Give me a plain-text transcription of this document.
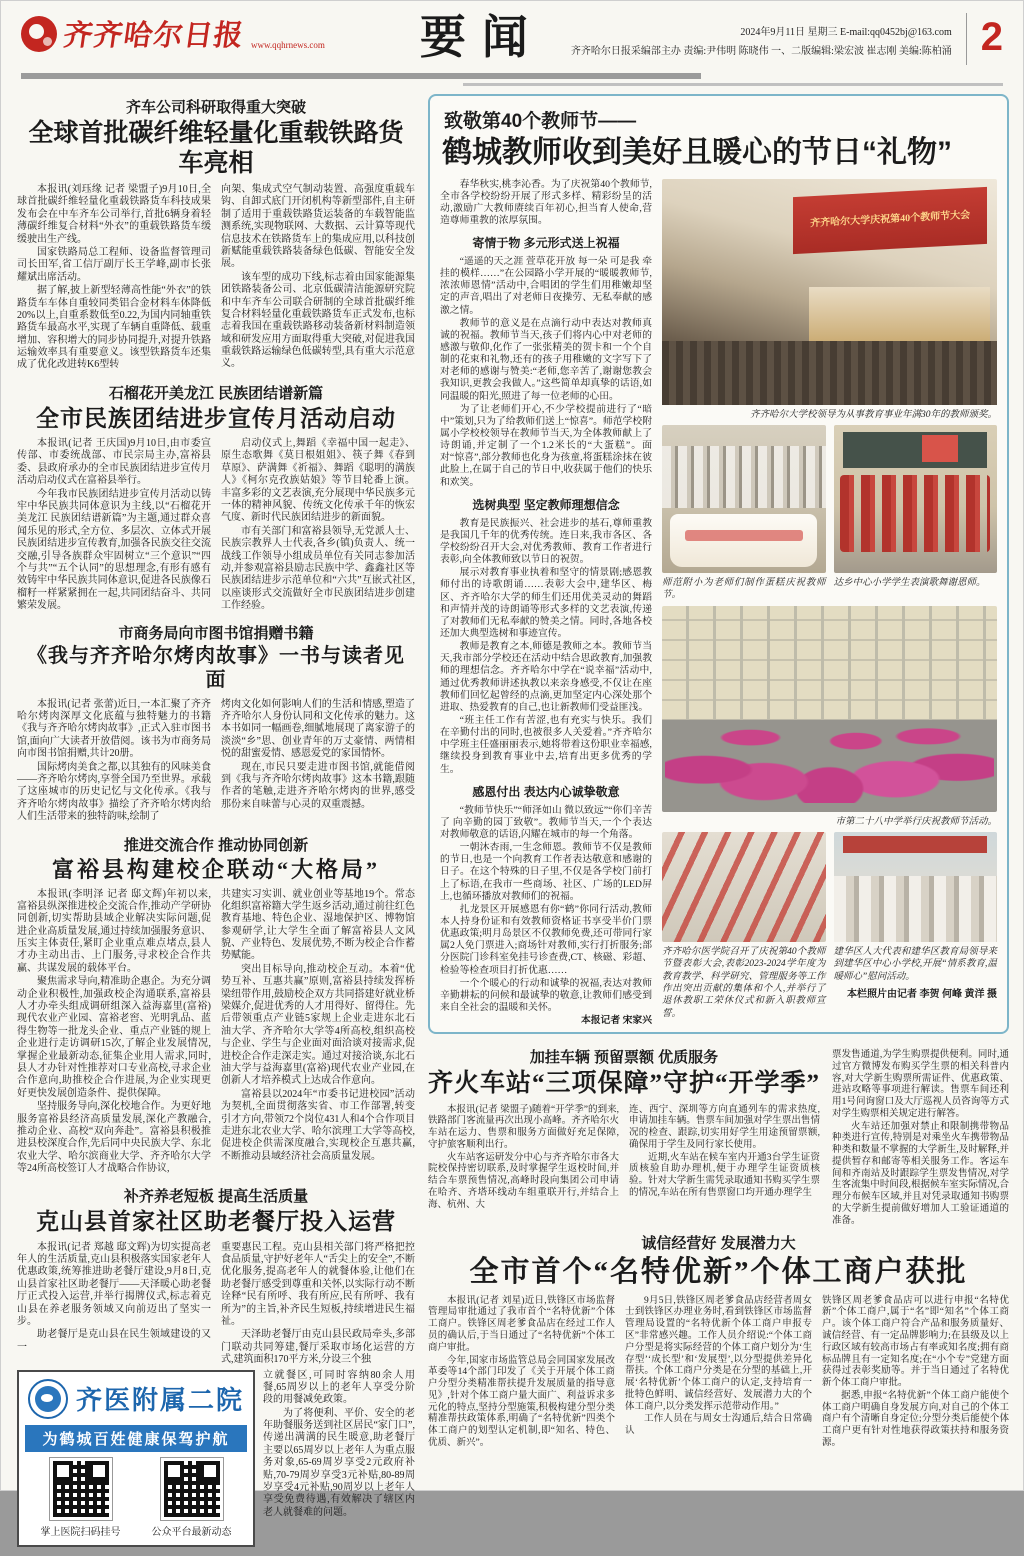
齐齐哈尔日报 www.qqhrnews.com 要闻	2024年9月11日 星期三 E-mail:qq0452bj@163.com
齐齐哈尔日报采编部主办 责编:尹伟明 陈晓伟 一、二版编辑:梁宏波 崔志刚 美编:陈柏涌 2
齐车公司科研取得重大突破
全球首批碳纤维轻量化重载铁路货车亮相

本报讯(刘珏缘 记者 梁盟子)9月10日,全球首批碳纤维轻量化重载铁路货车科技成果发布会在中车齐车公司举行,首批6辆身着轻薄碳纤维复合材料“外衣”的重载铁路货车缓缓驶出生产线。

国家铁路局总工程师、设备监督管理司司长田军,省工信厅副厅长王学峰,副市长张耀斌出席活动。

据了解,披上新型轻薄高性能“外衣”的铁路货车车体自重较同类铝合金材料车体降低20%以上,自重系数低至0.22,为国内同轴重铁路货车最高水平,实现了车辆自重降低、载重增加、容积增大的同步协同提升,对提升铁路运输效率具有重要意义。该型铁路货车还集成了优化改进转K6型转

向架、集成式空气制动装置、高强度重载车钩、自卸式底门开闭机构等新型部件,自主研制了适用于重载铁路货运装备的车载智能监测系统,实现物联网、大数据、云计算等现代信息技术在铁路货车上的集成应用,以科技创新赋能重载铁路装备绿色低碳、智能安全发展。

该车型的成功下线,标志着由国家能源集团铁路装备公司、北京低碳清洁能源研究院和中车齐车公司联合研制的全球首批碳纤维复合材料轻量化重载铁路货车正式发布,也标志着我国在重载铁路移动装备新材料制造领域和研发应用方面取得重大突破,对促进我国重载铁路运输绿色低碳转型,具有重大示范意义。

石榴花开美龙江 民族团结谱新篇
全市民族团结进步宣传月活动启动

本报讯(记者 王庆国)9月10日,由市委宣传部、市委统战部、市民宗局主办,富裕县委、县政府承办的全市民族团结进步宣传月活动启动仪式在富裕县举行。

今年我市民族团结进步宣传月活动以铸牢中华民族共同体意识为主线,以“石榴花开美龙江 民族团结谱新篇”为主题,通过群众喜闻乐见的形式,全方位、多层次、立体式开展民族团结进步宣传教育,加强各民族交往交流交融,引导各族群众牢固树立“三个意识”“四个与共”“五个认同”的思想理念,有形有感有效铸牢中华民族共同体意识,促进各民族像石榴籽一样紧紧拥在一起,共同团结奋斗、共同繁荣发展。

启动仪式上,舞蹈《幸福中国一起走》、原生态歌舞《莫日根姐姐》、筷子舞《春到草原》、萨满舞《祈福》、舞蹈《聪明的满族人》《柯尔克孜族姑娘》等节目轮番上演。丰富多彩的文艺表演,充分展现中华民族多元一体的精神风貌、传统文化传承千年的恢宏气度、新时代民族团结进步的新面貌。

市有关部门和富裕县领导,无党派人士、民族宗教界人士代表,各乡(镇)负责人、统一战线工作领导小组成员单位有关同志参加活动,并参观富裕县励志民族中学、鑫鑫社区等民族团结进步示范单位和“六共”互嵌式社区,以座谈形式交流做好全市民族团结进步创建工作经验。

市商务局向市图书馆捐赠书籍
《我与齐齐哈尔烤肉故事》一书与读者见面

本报讯(记者 张蕾)近日,一本汇聚了齐齐哈尔烤肉深厚文化底蕴与独特魅力的书籍《我与齐齐哈尔烤肉故事》,正式入驻市图书馆,面向广大读者开放借阅。该书为市商务局向市图书馆捐赠,共计20册。

国际烤肉美食之都,以其独有的风味美食——齐齐哈尔烤肉,享誉全国乃至世界。承载了这座城市的历史记忆与文化传承。《我与齐齐哈尔烤肉故事》描绘了齐齐哈尔烤肉给人们生活带来的独特韵味,绘制了

烤肉文化如何影响人们的生活和情感,塑造了齐齐哈尔人身份认同和文化传承的魅力。这本书如同一幅画卷,细腻地展现了离家游子的淡淡“乡”思、创业青年的万丈豪情、两情相悦的甜蜜爱情、感恩爱党的家国情怀。

现在,市民只要走进市图书馆,就能借阅到《我与齐齐哈尔烤肉故事》这本书籍,跟随作者的笔触,走进齐齐哈尔烤肉的世界,感受那份来自味蕾与心灵的双重震撼。

推进交流合作 推动协同创新
富裕县构建校企联动“大格局”

本报讯(李明泽 记者 邸文辉)年初以来,富裕县纵深推进校企交流合作,推动产学研协同创新,切实帮助县域企业解决实际问题,促进企业高质量发展,通过持续加强服务意识、压实主体责任,紧盯企业重点难点堵点,县人才办主动出击、上门服务,寻求校企合作共赢、共谋发展的载体平台。

聚焦需求导向,精准助企惠企。为充分调动企业积极性,加强政校企沟通联系,富裕县人才办牵头组成调研组深入益海嘉里(富裕)现代农业产业园、富裕老窖、光明乳品、蓝得生物等一批龙头企业、重点产业链的规上企业进行走访调研15次,了解企业发展情况,掌握企业最新动态,征集企业用人需求,同时,县人才办针对性推荐对口专业高校,寻求企业合作意向,助推校企合作进展,为企业实现更好更快发展创造条件、提供保障。

坚持服务导向,深化校地合作。为更好地服务富裕县经济高质量发展,深化产教融合,推动企业、高校“双向奔赴”。富裕县积极推进县校深度合作,先后同中央民族大学、东北农业大学、哈尔滨商业大学、齐齐哈尔大学等24所高校签订人才战略合作协议,

共建实习实训、就业创业等基地19个。常态化组织富裕籍大学生返乡活动,通过前往红色教育基地、特色企业、湿地保护区、博物馆参观研学,让大学生全面了解富裕县人文风貌、产业特色、发展优势,不断为校企合作蓄势赋能。

突出目标导向,推动校企互动。本着“优势互补、互惠共赢”原则,富裕县持续发挥桥梁纽带作用,鼓励校企双方共同搭建好就业桥梁媒介,促进优秀的人才用得好、留得住。先后带领重点产业链5家规上企业走进东北石油大学、齐齐哈尔大学等4所高校,组织高校与企业、学生与企业面对面洽谈对接需求,促进校企合作走深走实。通过对接洽谈,东北石油大学与益海嘉里(富裕)现代农业产业园,在创新人才培养模式上达成合作意向。

富裕县以2024年“市委书记进校园”活动为契机,全面贯彻落实省、市工作部署,转变引才方向,带领72个岗位431人和4个合作项目走进东北农业大学、哈尔滨理工大学等高校,促进校企供需深度融合,实现校企互惠共赢,不断推动县域经济社会高质量发展。

补齐养老短板 提高生活质量
克山县首家社区助老餐厅投入运营

本报讯(记者 郑越 邸文辉)为切实提高老年人的生活质量,克山县积极落实国家老年人优惠政策,统筹推进助老餐厅建设,9月8日,克山县首家社区助老餐厅——天泽暖心助老餐厅正式投入运营,并举行揭牌仪式,标志着克山县在养老服务领域又向前迈出了坚实一步。

助老餐厅是克山县在民生领域建设的又一

重要惠民工程。克山县相关部门将严格把控食品质量,守护好老年人“舌尖上的安全”,不断优化服务,提高老年人的就餐体验,让他们在助老餐厅感受到尊重和关怀,以实际行动不断诠释“民有所呼、我有所应,民有所呼、我有所为”的主旨,补齐民生短板,持续增进民生福祉。

天泽助老餐厅由克山县民政局牵头,多部门联动共同筹建,餐厅采取市场化运营的方式,建筑面积170平方米,分设三个独

齐医附属二院
为鹤城百姓健康保驾护航
掌上医院扫码挂号	公众平台最新动态

立就餐区,可同时容纳80余人用餐,65周岁以上的老年人享受分阶段的用餐减免政策。

为了将便利、平价、安全的老年助餐服务送到社区居民“家门口”,传递出满满的民生暖意,助老餐厅主要以65周岁以上老年人为重点服务对象,65-69周岁享受2元政府补贴,70-79周岁享受3元补贴,80-89周岁享受4元补贴,90周岁以上老年人享受免费待遇,有效解决了辖区内老人就餐难的问题。

致敬第40个教师节——
鹤城教师收到美好且暖心的节日“礼物”

春华秋实,桃李沁香。为了庆祝第40个教师节,全市各学校纷纷开展了形式多样、精彩纷呈的活动,激励广大教师赓续百年初心,担当育人使命,营造尊师重教的浓厚氛围。

寄情于物 多元形式送上祝福

“遥遥的天之涯 萱草花开放 每一朵 可是我 牵挂的模样……”在公园路小学开展的“暖暖教师节,浓浓师恩情”活动中,合唱团的学生们用稚嫩却坚定的声音,唱出了对老师日夜操劳、无私奉献的感激之情。

教师节的意义是在点滴行动中表达对教师真诚的祝福。教师节当天,孩子们将内心中对老师的感激与敬仰,化作了一张张精美的贺卡和一个个自制的花束和礼物,还有的孩子用稚嫩的文字写下了对老师的感谢与赞美:“老师,您辛苦了,谢谢您教会我知识,更教会我做人。”这些简单却真挚的话语,如同温暖的阳光,照进了每一位老师的心田。

为了让老师们开心,不少学校提前进行了“暗中”策划,只为了给教师们送上“惊喜”。师范学校附属小学校校领导在教师节当天,为全体教师献上了诗朗诵,并定制了一个1.2米长的“大蛋糕”。面对“惊喜”,部分教师也化身为孩童,将蛋糕涂抹在彼此脸上,在属于自己的节日中,收获属于他们的快乐和欢笑。

选树典型 坚定教师理想信念

教育是民族振兴、社会进步的基石,尊师重教是我国几千年的优秀传统。连日来,我市各区、各学校纷纷召开大会,对优秀教师、教育工作者进行表彰,向全体教师致以节日的祝贺。

展示对教育事业执着和坚守的情景剧;感恩教师付出的诗歌朗诵……表彰大会中,建华区、梅区、齐齐哈尔大学的师生们还用优美灵动的舞蹈和声情并茂的诗朗诵等形式多样的文艺表演,传递了对教师们无私奉献的赞美之情。同时,各地各校还加大典型选树和事迹宣传。

教师是教育之本,师德是教师之本。教师节当天,我市部分学校还在活动中结合思政教育,加强教师的理想信念。齐齐哈尔中学在“说幸福”活动中,通过优秀教师讲述执教以来亲身感受,不仅让在座教师们回忆起曾经的点滴,更加坚定内心深处那个进取、热爱教育的自己,也让新教师们受益匪浅。

“班主任工作有苦涩,也有充实与快乐。我们在辛勤付出的同时,也被很多人关爱着。”齐齐哈尔中学班主任盛丽丽表示,她将带着这份职业幸福感,继续投身到教育事业中去,培育出更多优秀的学生。

感恩付出 表达内心诚挚敬意

“教师节快乐”“师泽如山 微以致远”“你们辛苦了 向辛勤的园丁致敬”。教师节当天,一个个表达对教师敬意的话语,闪耀在城市的每一个角落。

一朝沐杏雨,一生念师恩。教师节不仅是教师的节日,也是一个向教育工作者表达敬意和感谢的日子。在这个特殊的日子里,不仅是各学校门前打上了标语,在我市一些商场、社区、广场的LED屏上,也循环播放对教师们的祝福。

扎龙景区开展感恩有你“鹤”你同行活动,教师本人持身份证和有效教师资格证书享受半价门票优惠政策;明月岛景区不仅教师免费,还可带同行家属2人免门票进入;商场针对教师,实行打折服务;部分医院门诊科室免挂号诊查费,CT、核磁、彩超、检验等检查项目打折优惠……

一个个暖心的行动和诚挚的祝福,表达对教师辛勤耕耘的问候和最诚挚的敬意,让教师们感受到来自全社会的温暖和关怀。

本报记者 宋家兴

齐齐哈尔大学庆祝第40个教师节大会

齐齐哈尔大学校领导为从事教育事业年满30年的教师颁奖。

师范附小为老师们制作蛋糕庆祝教师节。
达乡中心小学学生表演歌舞谢恩师。

市第二十八中学举行庆祝教师节活动。

齐齐哈尔医学院召开了庆祝第40个教师节暨表彰大会,表彰2023-2024学年度为教育教学、科学研究、管理服务等工作作出突出贡献的集体和个人,并举行了退休教职工荣休仪式和新入职教师宣誓。
建华区人大代表和建华区教育局领导来到建华区中心小学校,开展“情系教育,温暖师心”慰问活动。
本栏照片由记者 李贺 何峰 黄洋 摄
加挂车辆 预留票额 优质服务
齐火车站“三项保障”守护“开学季”

本报讯(记者 梁盟子)随着“开学季”的到来,铁路部门客流量再次出现小高峰。齐齐哈尔火车站在运力、售票和服务方面做好充足保障,守护旅客顺利出行。

火车站客运研发分中心与齐齐哈尔市各大院校保持密切联系,及时掌握学生返校时间,并结合车票预售情况,高峰时段向集团公司申请在哈齐、齐塔环线动车组重联开行,并结合上海、杭州、大

连、西宁、深圳等方向直通列车的需求热度,申请加挂车辆。售票车间加强对学生票出售情况的检查、跟踪,切实用好学生用途预留票额,确保用于学生及同行家长使用。

近期,火车站在候车室内开通3台学生证资质核验自助办理机,便于办理学生证资质核验。针对大学新生需凭录取通知书购买学生票的情况,车站在所有售票窗口均开通办理学生

票发售通道,为学生购票提供便利。同时,通过官方微博发布购买学生票的相关科普内容,对大学新生购票所需证件、优惠政策、进站攻略等事项进行解读。售票车间还利用1号问询窗口及大厅巡视人员咨询等方式对学生购票相关规定进行解答。

火车站还加强对禁止和限制携带物品种类进行宣传,特别是对乘坐火车携带物品种类和数量不掌握的大学新生,及时解释,并提供暂存和邮寄等相关服务工作。客运车间和齐南站及时跟踪学生票发售情况,对学生客流集中时间段,根据候车室实际情况,合理分布候车区域,并且对凭录取通知书购票的大学新生提前做好增加人工验证通道的准备。

诚信经营好 发展潜力大
全市首个“名特优新”个体工商户获批

本报讯(记者 刘星)近日,铁锋区市场监督管理局审批通过了我市首个“名特优新”个体工商户。铁锋区周老爹食品店在经过工作人员的确认后,于当日通过了“名特优新”个体工商户审批。

今年,国家市场监管总局会同国家发展改革委等14个部门印发了《关于开展个体工商户分型分类精准帮扶提升发展质量的指导意见》,针对个体工商户量大面广、利益诉求多元化的特点,坚持分型施策,积极构建分型分类精准帮扶政策体系,明确了“名特优新”四类个体工商户的划型认定机制,即“知名、特色、优质、新兴”。

9月5日,铁锋区周老爹食品店经营者周女士到铁锋区办理业务时,看到铁锋区市场监督管理局设置的“名特优新个体工商户申报专区”非常感兴趣。工作人员介绍说:“个体工商户分型是将实际经营的个体工商户划分为‘生存型’‘成长型’和‘发展型’,以分型提供差异化帮扶。个体工商户分类是在分型的基础上,开展‘名特优新’个体工商户的认定,支持培育一批特色鲜明、诚信经营好、发展潜力大的个体工商户,以分类发挥示范带动作用。”

工作人员在与周女士沟通后,结合日常确认

铁锋区周老爹食品店可以进行申报“名特优新”个体工商户,属于“名”即“知名”个体工商户。该个体工商户符合产品和服务质量好、诚信经营、有一定品牌影响力;在县级及以上行政区域有较高市场占有率或知名度;拥有商标品牌且有一定知名度;在“小个专”党建方面获得过表彰奖励等。并于当日通过了名特优新个体工商户审批。

据悉,申报“名特优新”个体工商户能使个体工商户明确自身发展方向,对自己的个体工商户有个清晰自身定位;分型分类后能使个体工商户更有针对性地获得政策扶持和服务资源。
